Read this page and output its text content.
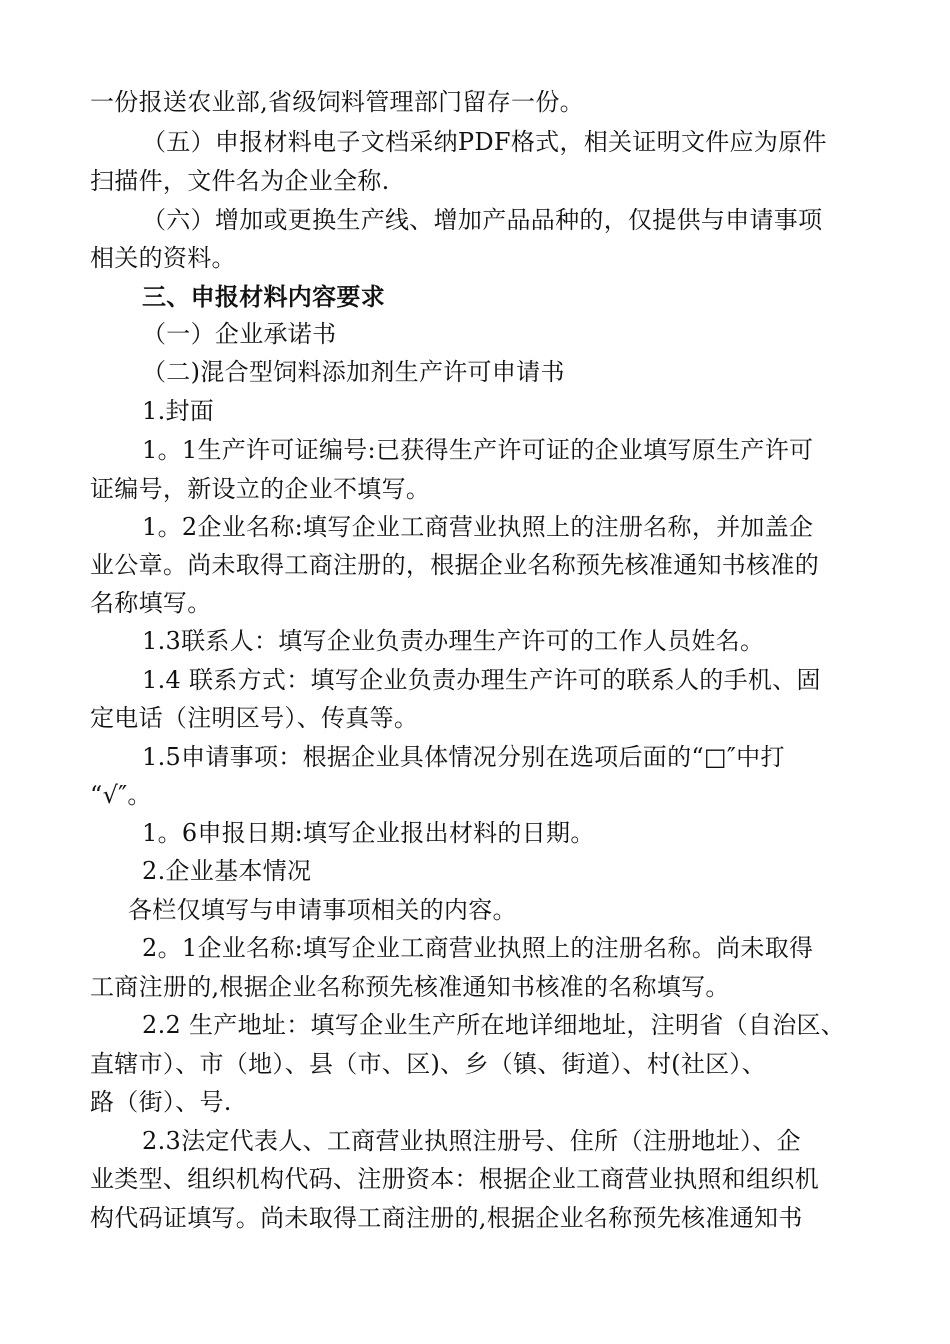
一份报送农业部,省级饲料管理部门留存一份。
（五）申报材料电子文档采纳PDF格式，相关证明文件应为原件
扫描件，文件名为企业全称.
（六）增加或更换生产线、增加产品品种的，仅提供与申请事项
相关的资料。
三、申报材料内容要求
（一）企业承诺书
（二)混合型饲料添加剂生产许可申请书
1.封面
1。1生产许可证编号:已获得生产许可证的企业填写原生产许可
证编号，新设立的企业不填写。
1。2企业名称:填写企业工商营业执照上的注册名称，并加盖企
业公章。尚未取得工商注册的，根据企业名称预先核准通知书核准的
名称填写。
1.3联系人：填写企业负责办理生产许可的工作人员姓名。
1.4 联系方式：填写企业负责办理生产许可的联系人的手机、固
定电话（注明区号）、传真等。
1.5申请事项：根据企业具体情况分别在选项后面的“□″中打
“√″。
1。6申报日期:填写企业报出材料的日期。
2.企业基本情况
各栏仅填写与申请事项相关的内容。
2。1企业名称:填写企业工商营业执照上的注册名称。尚未取得
工商注册的,根据企业名称预先核准通知书核准的名称填写。
2.2 生产地址：填写企业生产所在地详细地址，注明省（自治区、
直辖市）、市（地）、县（市、区)、乡（镇、街道）、村(社区）、
路（街）、号.
2.3法定代表人、工商营业执照注册号、住所（注册地址）、企
业类型、组织机构代码、注册资本：根据企业工商营业执照和组织机
构代码证填写。尚未取得工商注册的,根据企业名称预先核准通知书
